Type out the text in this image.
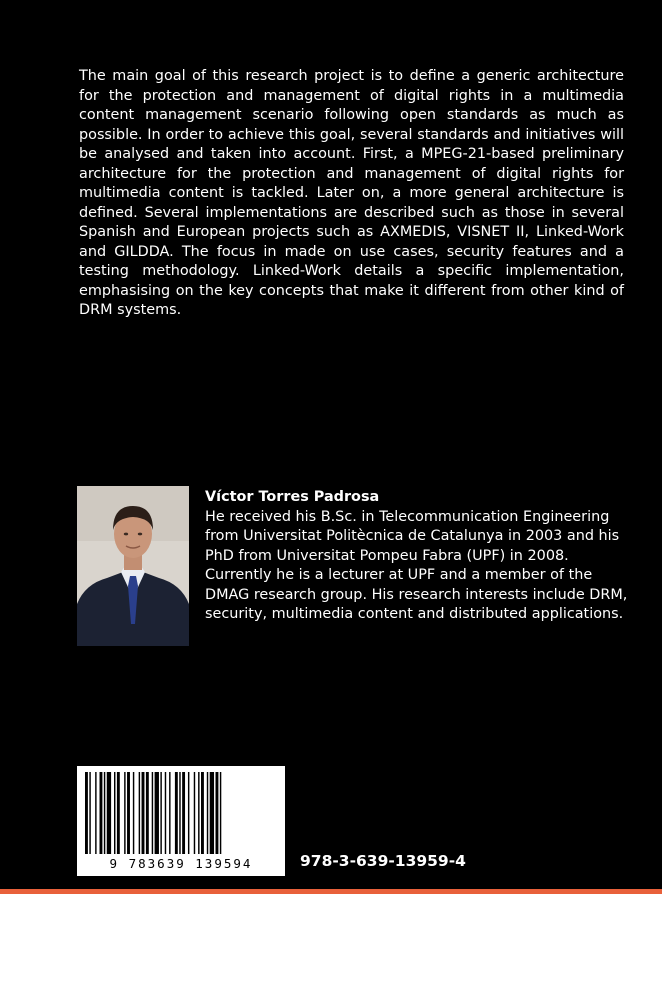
The main goal of this research project is to define a generic architecture for the protection and management of digital rights in a multimedia content management scenario following open standards as much as possible. In order to achieve this goal, several standards and initiatives will be analysed and taken into account. First, a MPEG-21-based preliminary architecture for the protection and management of digital rights for multimedia content is tackled. Later on, a more general architecture is defined. Several implementations are described such as those in several Spanish and European projects such as AXMEDIS, VISNET II, Linked-Work and GILDDA. The focus in made on use cases, security features and a testing methodology. Linked-Work details a specific implementation, emphasising on the key concepts that make it different from other kind of DRM systems.

Víctor Torres Padrosa

He received his B.Sc. in Telecommunication Engineering from Universitat Politècnica de Catalunya in 2003 and his PhD from Universitat Pompeu Fabra (UPF) in 2008. Currently he is a lecturer at UPF and a member of the DMAG research group. His research interests include DRM, security, multimedia content and distributed applications.

9 783639 139594	978-3-639-13959-4
